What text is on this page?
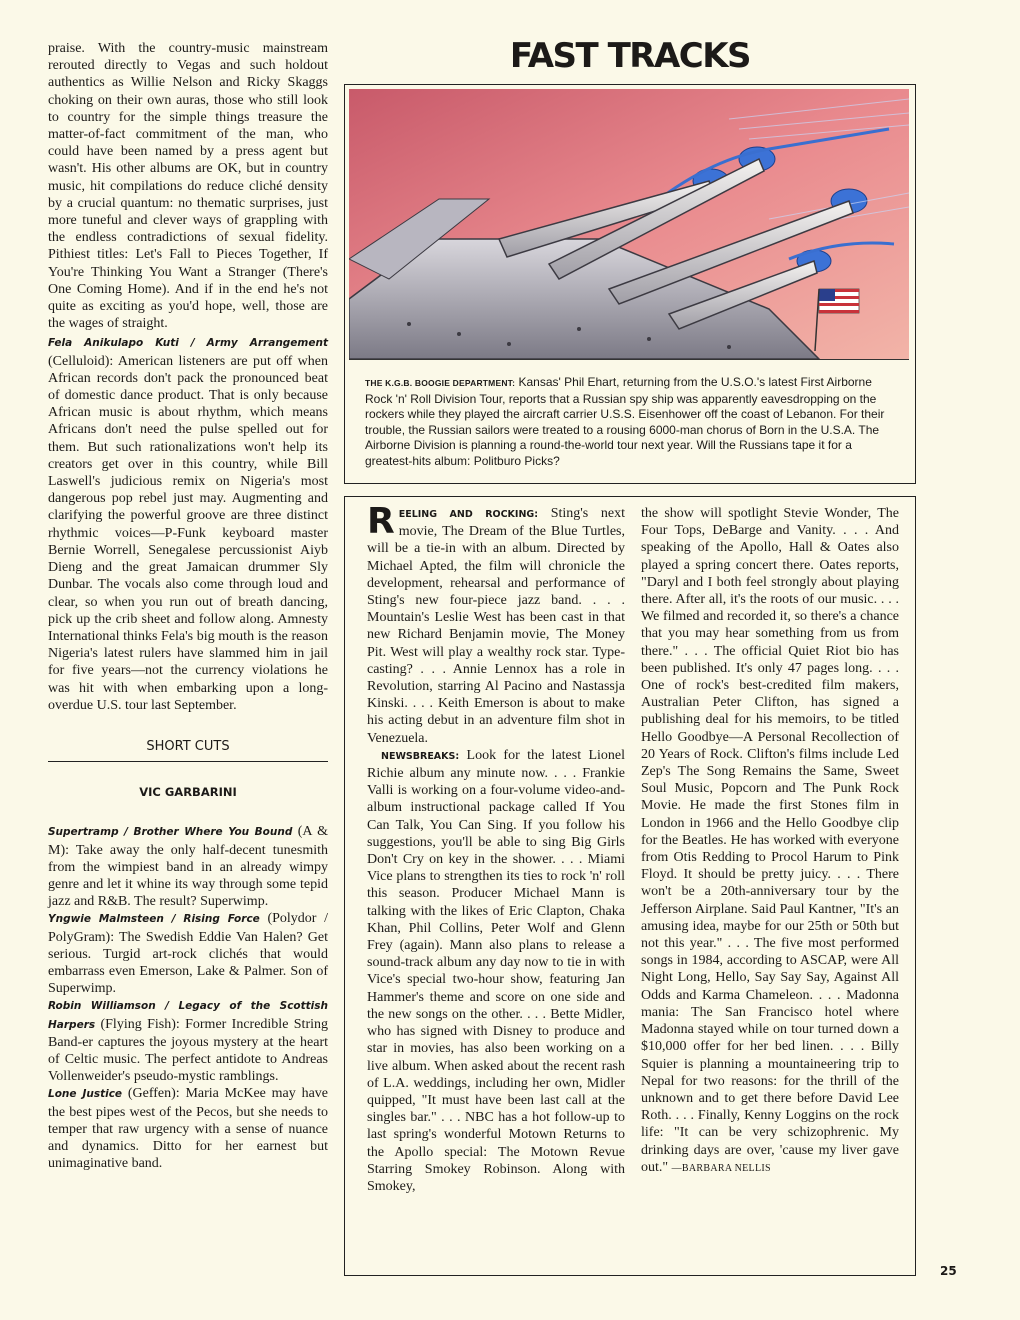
praise. With the country-music mainstream rerouted directly to Vegas and such holdout authentics as Willie Nelson and Ricky Skaggs choking on their own auras, those who still look to country for the simple things treasure the matter-of-fact commitment of the man, who could have been named by a press agent but wasn't. His other albums are OK, but in country music, hit compilations do reduce cliché density by a crucial quantum: no thematic surprises, just more tuneful and clever ways of grappling with the endless contradictions of sexual fidelity. Pithiest titles: Let's Fall to Pieces Together, If You're Thinking You Want a Stranger (There's One Coming Home). And if in the end he's not quite as exciting as you'd hope, well, those are the wages of straight.

Fela Anikulapo Kuti / Army Arrangement (Celluloid): American listeners are put off when African records don't pack the pronounced beat of domestic dance product. That is only because African music is about rhythm, which means Africans don't need the pulse spelled out for them. But such rationalizations won't help its creators get over in this country, while Bill Laswell's judicious remix on Nigeria's most dangerous pop rebel just may. Augmenting and clarifying the powerful groove are three distinct rhythmic voices—P-Funk keyboard master Bernie Worrell, Senegalese percussionist Aiyb Dieng and the great Jamaican drummer Sly Dunbar. The vocals also come through loud and clear, so when you run out of breath dancing, pick up the crib sheet and follow along. Amnesty International thinks Fela's big mouth is the reason Nigeria's latest rulers have slammed him in jail for five years—not the currency violations he was hit with when embarking upon a long-overdue U.S. tour last September.

SHORT CUTS
VIC GARBARINI

Supertramp / Brother Where You Bound (A & M): Take away the only half-decent tunesmith from the wimpiest band in an already wimpy genre and let it whine its way through some tepid jazz and R&B. The result? Superwimp.

Yngwie Malmsteen / Rising Force (Polydor / PolyGram): The Swedish Eddie Van Halen? Get serious. Turgid art-rock clichés that would embarrass even Emerson, Lake & Palmer. Son of Superwimp.

Robin Williamson / Legacy of the Scottish Harpers (Flying Fish): Former Incredible String Band-er captures the joyous mystery at the heart of Celtic music. The perfect antidote to Andreas Vollenweider's pseudo-mystic ramblings.

Lone Justice (Geffen): Maria McKee may have the best pipes west of the Pecos, but she needs to temper that raw urgency with a sense of nuance and dynamics. Ditto for her earnest but unimaginative band.

FAST TRACKS
THE K.G.B. BOOGIE DEPARTMENT: Kansas' Phil Ehart, returning from the U.S.O.'s latest First Airborne Rock 'n' Roll Division Tour, reports that a Russian spy ship was apparently eavesdropping on the rockers while they played the aircraft carrier U.S.S. Eisenhower off the coast of Lebanon. For their trouble, the Russian sailors were treated to a rousing 6000-man chorus of Born in the U.S.A. The Airborne Division is planning a round-the-world tour next year. Will the Russians tape it for a greatest-hits album: Politburo Picks?

R EELING AND ROCKING: Sting's next movie, The Dream of the Blue Turtles, will be a tie-in with an album. Directed by Michael Apted, the film will chronicle the development, rehearsal and performance of Sting's new four-piece jazz band. . . . Mountain's Leslie West has been cast in that new Richard Benjamin movie, The Money Pit. West will play a wealthy rock star. Type-casting? . . . Annie Lennox has a role in Revolution, starring Al Pacino and Nastassja Kinski. . . . Keith Emerson is about to make his acting debut in an adventure film shot in Venezuela.

NEWSBREAKS: Look for the latest Lionel Richie album any minute now. . . . Frankie Valli is working on a four-volume video-and-album instructional package called If You Can Talk, You Can Sing. If you follow his suggestions, you'll be able to sing Big Girls Don't Cry on key in the shower. . . . Miami Vice plans to strengthen its ties to rock 'n' roll this season. Producer Michael Mann is talking with the likes of Eric Clapton, Chaka Khan, Phil Collins, Peter Wolf and Glenn Frey (again). Mann also plans to release a sound-track album any day now to tie in with Vice's special two-hour show, featuring Jan Hammer's theme and score on one side and the new songs on the other. . . . Bette Midler, who has signed with Disney to produce and star in movies, has also been working on a live album. When asked about the recent rash of L.A. weddings, including her own, Midler quipped, "It must have been last call at the singles bar." . . . NBC has a hot follow-up to last spring's wonderful Motown Returns to the Apollo special: The Motown Revue Starring Smokey Robinson. Along with Smokey,

the show will spotlight Stevie Wonder, The Four Tops, DeBarge and Vanity. . . . And speaking of the Apollo, Hall & Oates also played a spring concert there. Oates reports, "Daryl and I both feel strongly about playing there. After all, it's the roots of our music. . . . We filmed and recorded it, so there's a chance that you may hear something from us from there." . . . The official Quiet Riot bio has been published. It's only 47 pages long. . . . One of rock's best-credited film makers, Australian Peter Clifton, has signed a publishing deal for his memoirs, to be titled Hello Goodbye—A Personal Recollection of 20 Years of Rock. Clifton's films include Led Zep's The Song Remains the Same, Sweet Soul Music, Popcorn and The Punk Rock Movie. He made the first Stones film in London in 1966 and the Hello Goodbye clip for the Beatles. He has worked with everyone from Otis Redding to Procol Harum to Pink Floyd. It should be pretty juicy. . . . There won't be a 20th-anniversary tour by the Jefferson Airplane. Said Paul Kantner, "It's an amusing idea, maybe for our 25th or 50th but not this year." . . . The five most performed songs in 1984, according to ASCAP, were All Night Long, Hello, Say Say Say, Against All Odds and Karma Chameleon. . . . Madonna mania: The San Francisco hotel where Madonna stayed while on tour turned down a $10,000 offer for her bed linen. . . . Billy Squier is planning a mountaineering trip to Nepal for two reasons: for the thrill of the unknown and to get there before David Lee Roth. . . . Finally, Kenny Loggins on the rock life: "It can be very schizophrenic. My drinking days are over, 'cause my liver gave out." —BARBARA NELLIS

25
